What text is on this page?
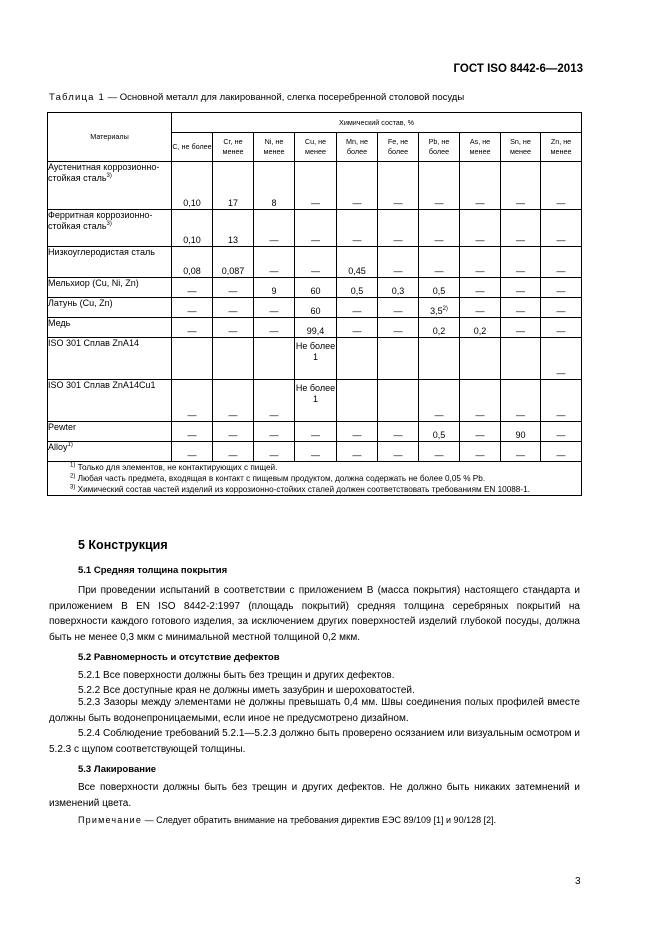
ГОСТ ISO 8442-6—2013
Таблица 1 — Основной металл для лакированной, слегка посеребренной столовой посуды
Материалы	Химический состав, %									
	C, не более	Cr, не менее	Ni, не менее	Cu, не менее	Mn, не более	Fe, не более	Pb, не более	As, не менее	Sn, не менее	Zn, не менее
Аустенитная коррозионно-стойкая сталь$^{3)}$	0,10	17	8	—	—	—	—	—	—	—
Ферритная коррозионно-стойкая сталь$^{3)}$	0,10	13	—	—	—	—	—	—	—	—
Низкоуглеродистая сталь	0,08	0,087	—	—	0,45	—	—	—	—	—
Мельхиор (Cu, Ni, Zn)	—	—	9	60	0,5	0,3	0,5	—	—	—
Латунь (Cu, Zn)	—	—	—	60	—	—	3,5$^{2)}$	—	—	—
Медь	—	—	—	99,4	—	—	0,2	0,2	—	—
ISO 301 Сплав ZnA14				Не более 1						—
ISO 301 Сплав ZnA14Cu1	—	—	—	Не более 1			—	—	—	—
Pewter	—	—	—	—	—	—	0,5	—	90	—
Alloy$^{1)}$	—	—	—	—	—	—	—	—	—	—

$^{1)}$ Только для элементов, не контактирующих с пищей.
$^{2)}$ Любая часть предмета, входящая в контакт с пищевым продуктом, должна содержать не более 0,05 % Pb.
$^{3)}$ Химический состав частей изделий из коррозионно-стойких сталей должен соответствовать требованиям EN 10088-1.										
5 Конструкция
5.1 Средняя толщина покрытия
При проведении испытаний в соответствии с приложением В (масса покрытия) настоящего стандарта и приложением В EN ISO 8442-2:1997 (площадь покрытий) средняя толщина серебряных покрытий на поверхности каждого готового изделия, за исключением других поверхностей изделий глубокой посуды, должна быть не менее 0,3 мкм с минимальной местной толщиной 0,2 мкм.
5.2 Равномерность и отсутствие дефектов
5.2.1 Все поверхности должны быть без трещин и других дефектов.
5.2.2 Все доступные края не должны иметь зазубрин и шероховатостей.
5.2.3 Зазоры между элементами не должны превышать 0,4 мм. Швы соединения полых профилей вместе должны быть водонепроницаемыми, если иное не предусмотрено дизайном.
5.2.4 Соблюдение требований 5.2.1—5.2.3 должно быть проверено осязанием или визуальным осмотром и 5.2.3 с щупом соответствующей толщины.
5.3 Лакирование
Все поверхности должны быть без трещин и других дефектов. Не должно быть никаких затемнений и изменений цвета.
Примечание — Следует обратить внимание на требования директив ЕЭС 89/109 [1] и 90/128 [2].
3
